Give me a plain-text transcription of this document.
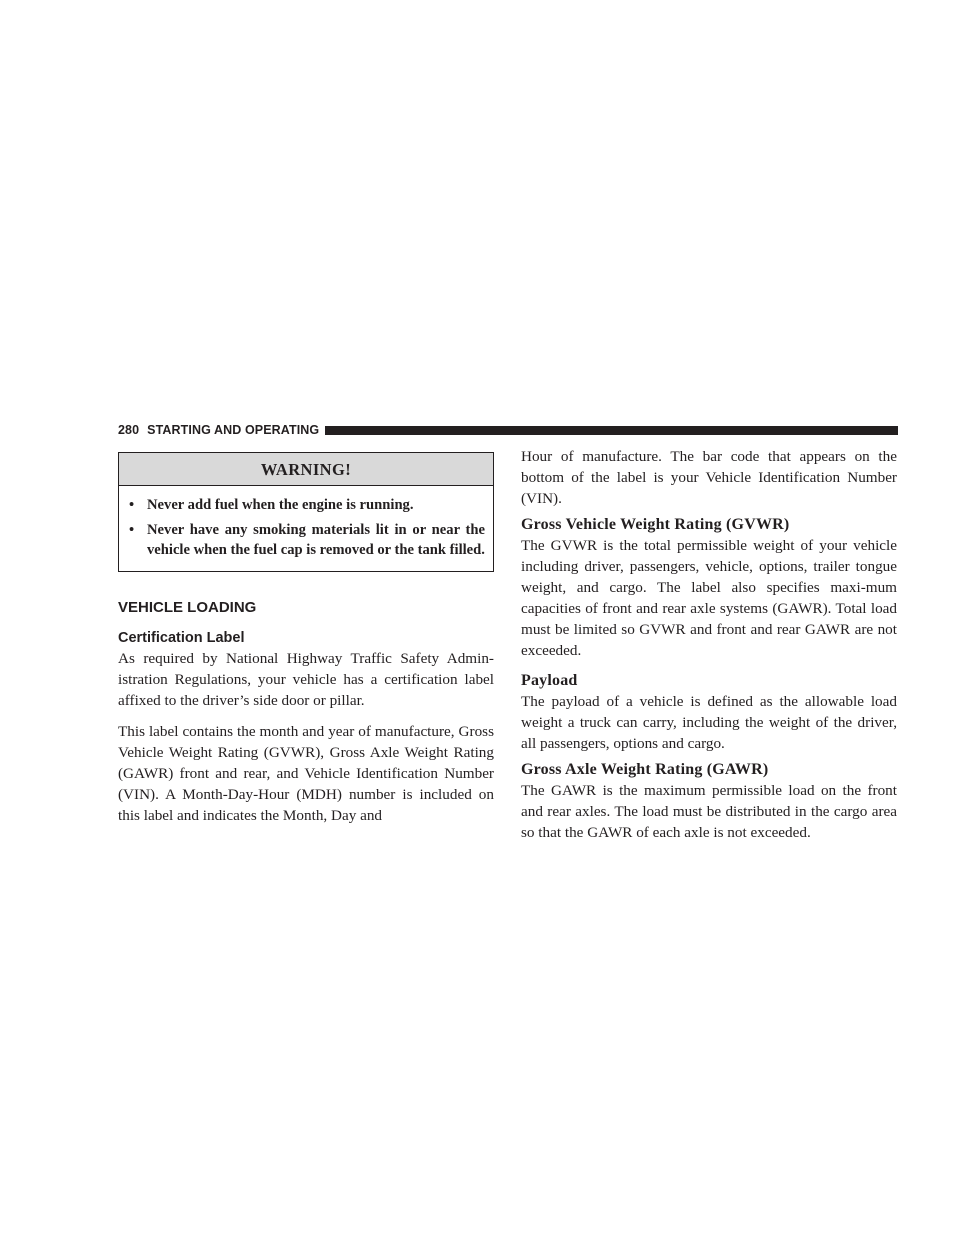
280 STARTING AND OPERATING
WARNING!
• Never add fuel when the engine is running.
• Never have any smoking materials lit in or near the vehicle when the fuel cap is removed or the tank filled.
VEHICLE LOADING
Certification Label

As required by National Highway Traffic Safety Admin-istration Regulations, your vehicle has a certification label affixed to the driver’s side door or pillar.

This label contains the month and year of manufacture, Gross Vehicle Weight Rating (GVWR), Gross Axle Weight Rating (GAWR) front and rear, and Vehicle Identification Number (VIN). A Month-Day-Hour (MDH) number is included on this label and indicates the Month, Day and

Hour of manufacture. The bar code that appears on the bottom of the label is your Vehicle Identification Number (VIN).

Gross Vehicle Weight Rating (GVWR)

The GVWR is the total permissible weight of your vehicle including driver, passengers, vehicle, options, trailer tongue weight, and cargo. The label also specifies maxi-mum capacities of front and rear axle systems (GAWR). Total load must be limited so GVWR and front and rear GAWR are not exceeded.

Payload

The payload of a vehicle is defined as the allowable load weight a truck can carry, including the weight of the driver, all passengers, options and cargo.

Gross Axle Weight Rating (GAWR)

The GAWR is the maximum permissible load on the front and rear axles. The load must be distributed in the cargo area so that the GAWR of each axle is not exceeded.
